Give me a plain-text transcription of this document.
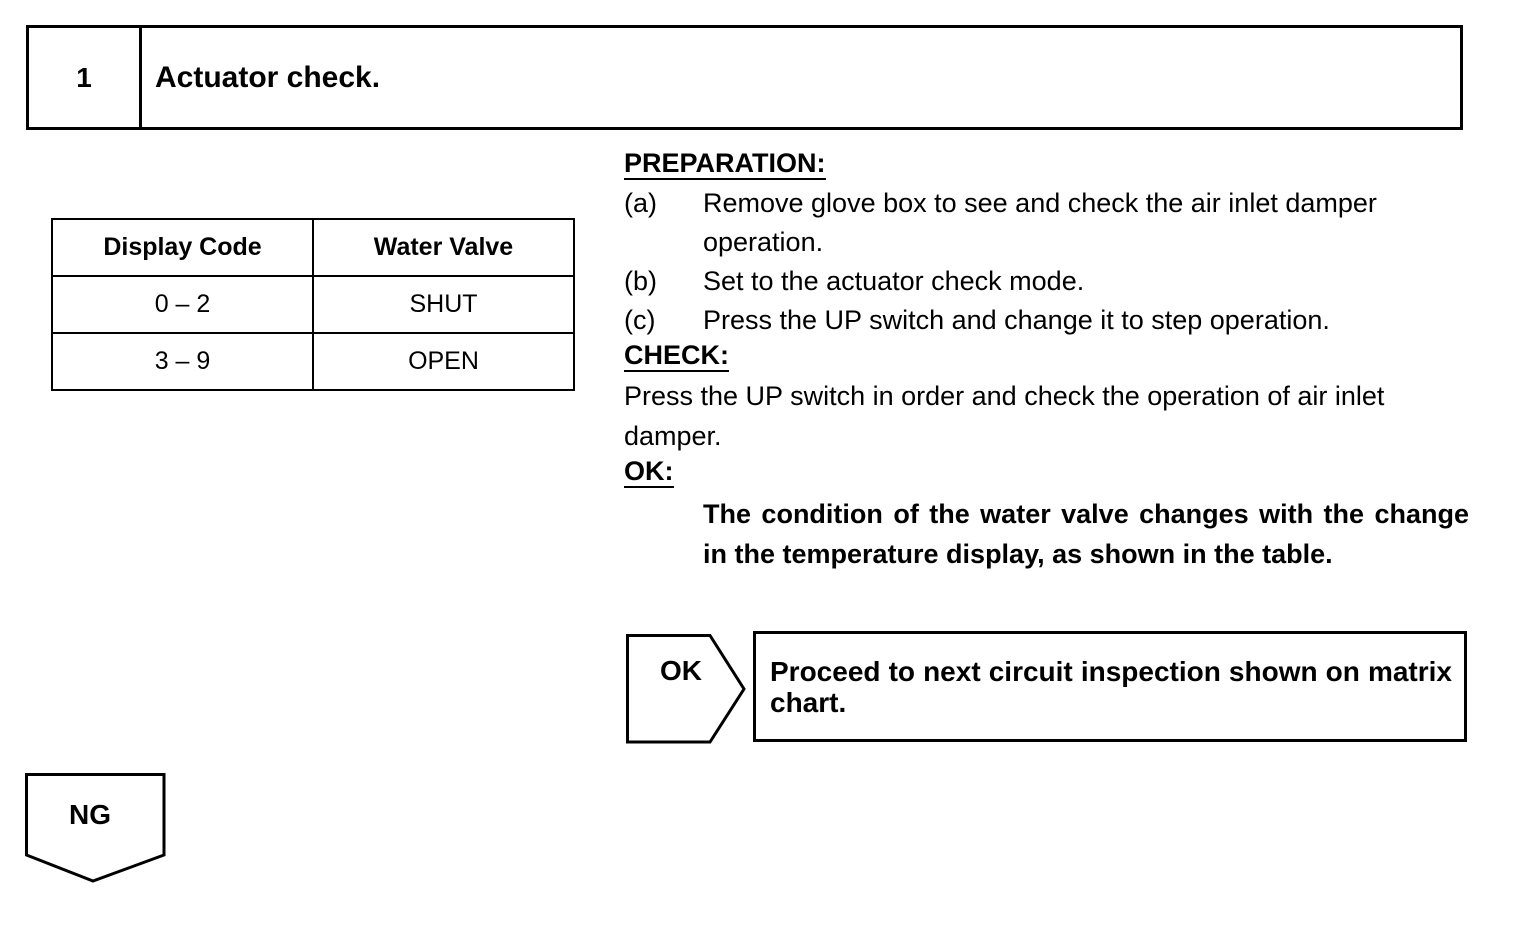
1	Actuator check.
Display Code	Water Valve
0 – 2	SHUT
3 – 9	OPEN
PREPARATION:
(a)	Remove glove box to see and check the air inlet damper operation.
(b)	Set to the actuator check mode.
(c)	Press the UP switch and change it to step operation.
CHECK:
Press the UP switch in order and check the operation of air inlet damper.
OK:
The condition of the water valve changes with the change in the temperature display, as shown in the table.
OK	Proceed to next circuit inspection shown on matrix chart.
NG
